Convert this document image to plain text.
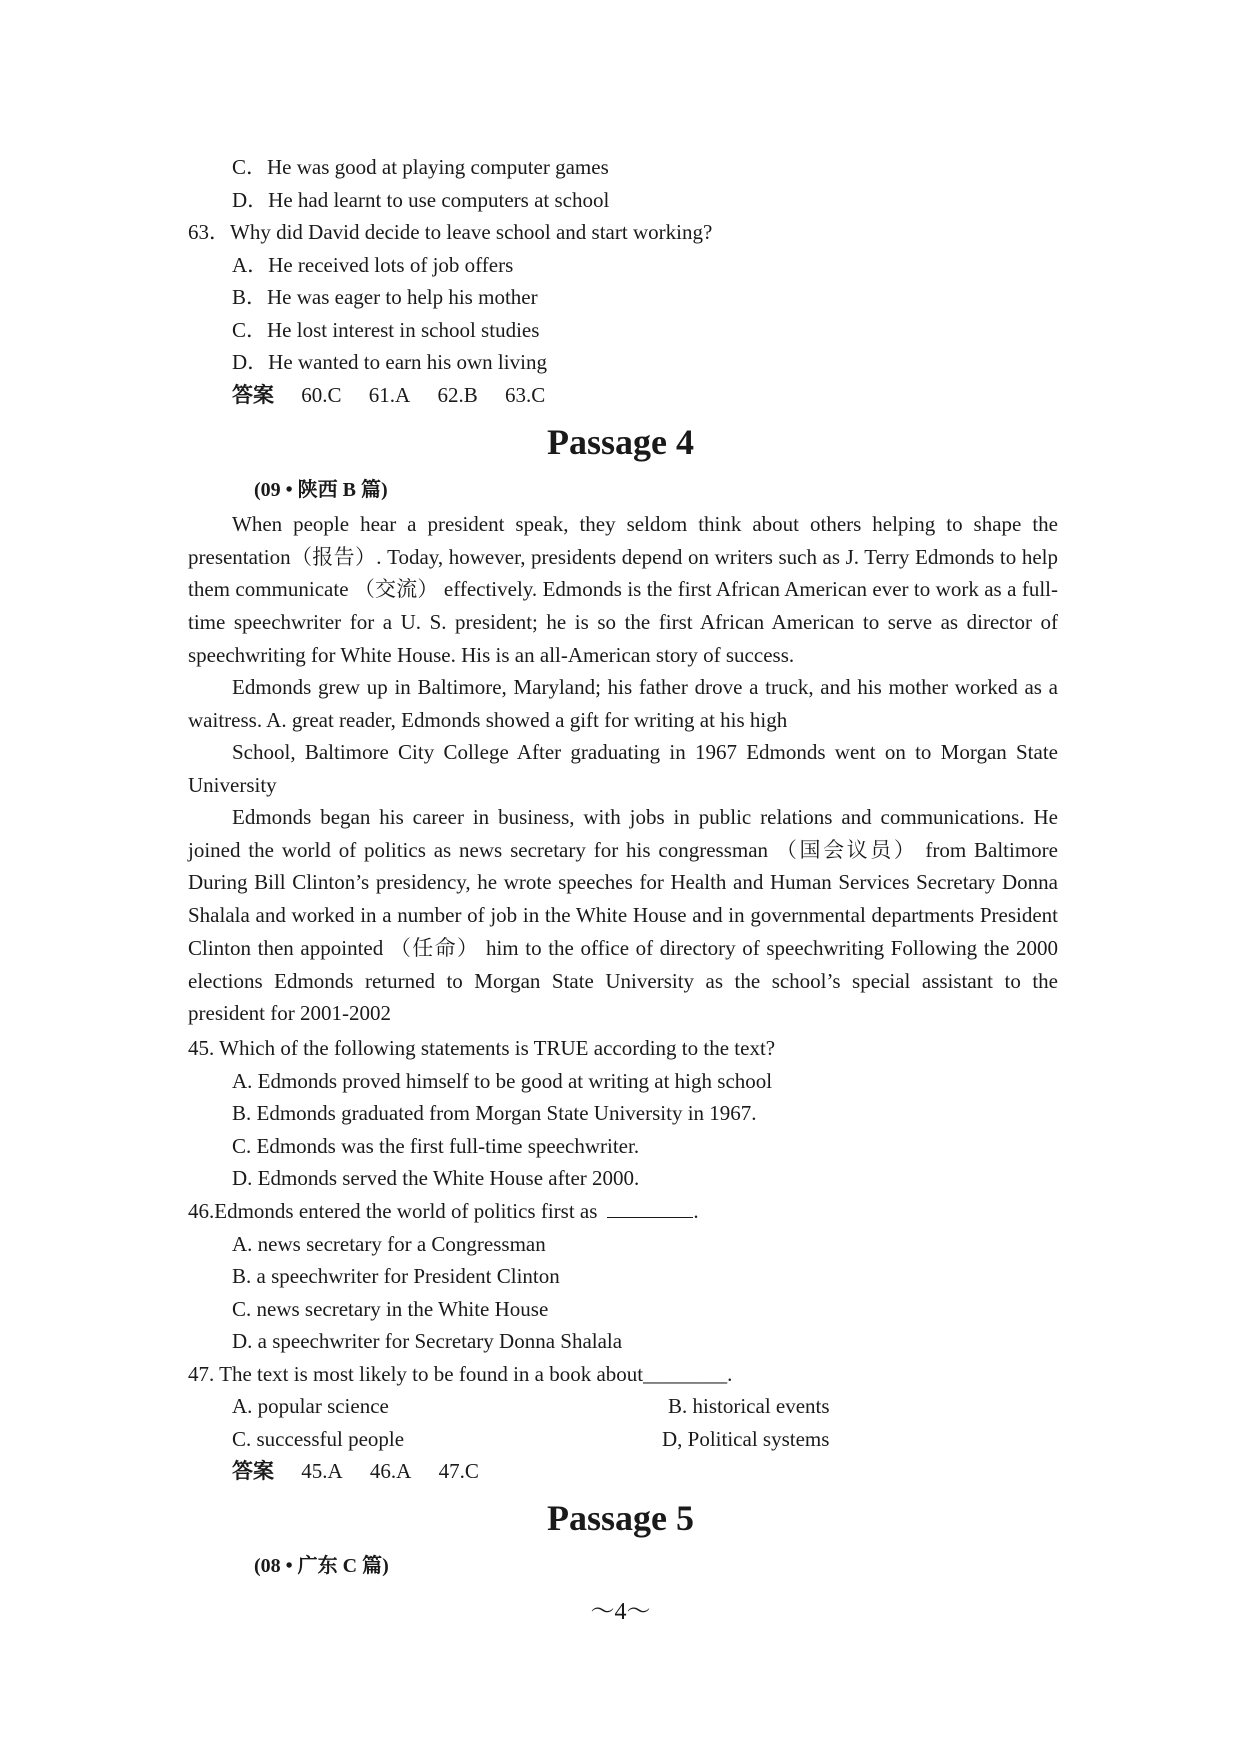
C．He was good at playing computer games
D．He had learnt to use computers at school
63．Why did David decide to leave school and start working?
A．He received lots of job offers
B．He was eager to help his mother
C．He lost interest in school studies
D．He wanted to earn his own living
答案 60.C 61.A 62.B 63.C
Passage 4
(09 • 陕西 B 篇)
When people hear a president speak, they seldom think about others helping to shape the presentation（报告）. Today, however, presidents depend on writers such as J. Terry Edmonds to help them communicate （交流） effectively. Edmonds is the first African American ever to work as a full-time speechwriter for a U. S. president; he is so the first African American to serve as director of speechwriting for White House. His is an all-American story of success.
Edmonds grew up in Baltimore, Maryland; his father drove a truck, and his mother worked as a waitress. A. great reader, Edmonds showed a gift for writing at his high
School, Baltimore City College After graduating in 1967 Edmonds went on to Morgan State University
Edmonds began his career in business, with jobs in public relations and communications. He joined the world of politics as news secretary for his congressman （国会议员） from Baltimore During Bill Clinton’s presidency, he wrote speeches for Health and Human Services Secretary Donna Shalala and worked in a number of job in the White House and in governmental departments President Clinton then appointed （任命） him to the office of directory of speechwriting Following the 2000 elections Edmonds returned to Morgan State University as the school’s special assistant to the president for 2001-2002
45. Which of the following statements is TRUE according to the text?
A. Edmonds proved himself to be good at writing at high school
B. Edmonds graduated from Morgan State University in 1967.
C. Edmonds was the first full-time speechwriter.
D. Edmonds served the White House after 2000.
46.Edmonds entered the world of politics first as	.
A. news secretary for a Congressman
B. a speechwriter for President Clinton
C. news secretary in the White House
D. a speechwriter for Secretary Donna Shalala
47. The text is most likely to be found in a book about________.
A. popular science	B. historical events
C. successful people	D, Political systems
答案 45.A 46.A 47.C
Passage 5
(08 • 广东 C 篇)
～4～
